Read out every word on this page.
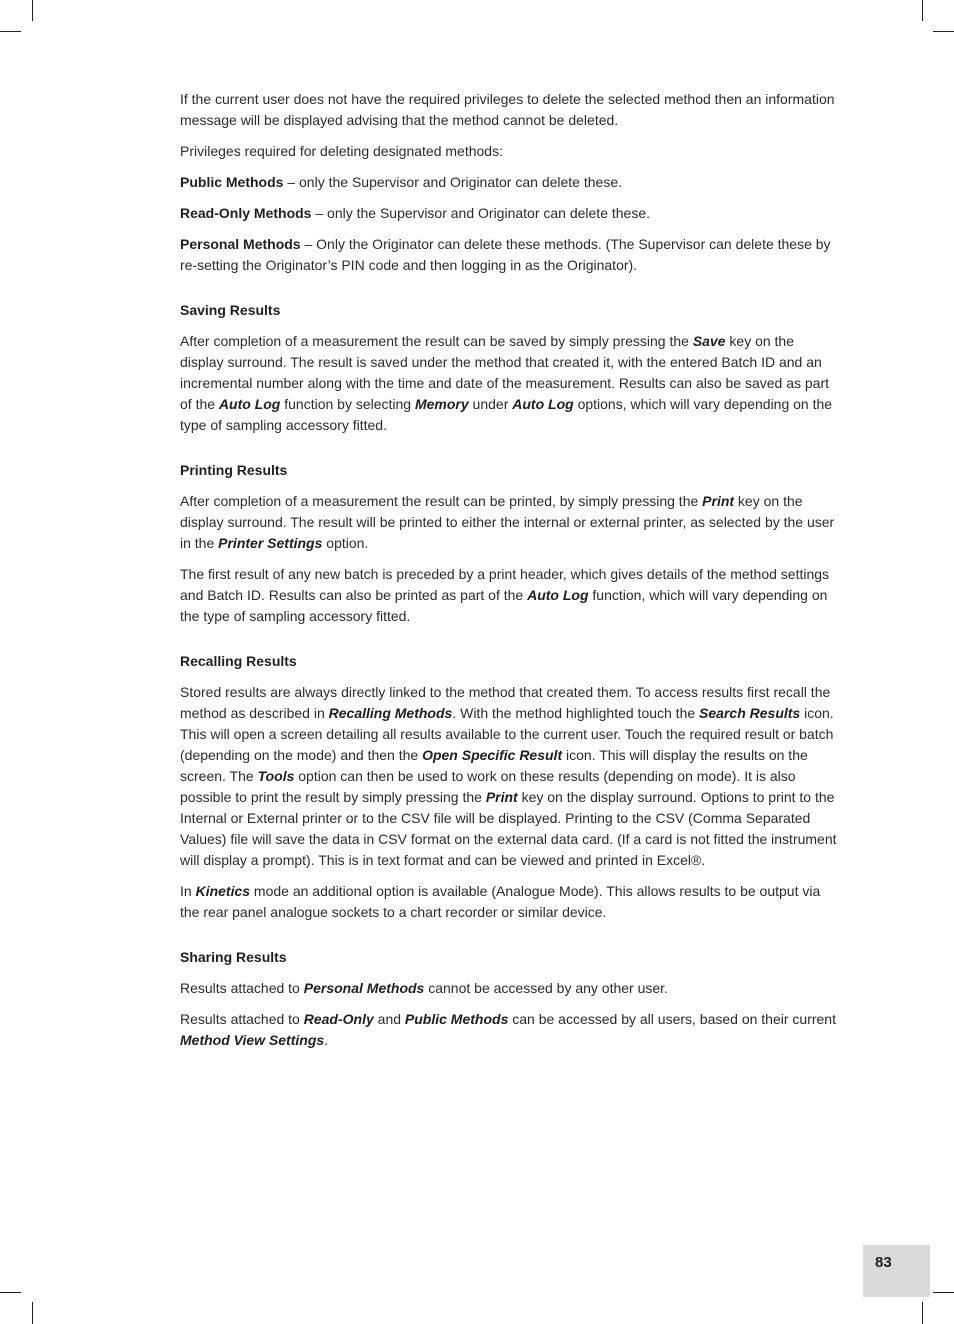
If the current user does not have the required privileges to delete the selected method then an information message will be displayed advising that the method cannot be deleted.

Privileges required for deleting designated methods:

Public Methods – only the Supervisor and Originator can delete these.

Read-Only Methods – only the Supervisor and Originator can delete these.

Personal Methods – Only the Originator can delete these methods. (The Supervisor can delete these by re-setting the Originator’s PIN code and then logging in as the Originator).

Saving Results

After completion of a measurement the result can be saved by simply pressing the Save key on the display surround. The result is saved under the method that created it, with the entered Batch ID and an incremental number along with the time and date of the measurement. Results can also be saved as part of the Auto Log function by selecting Memory under Auto Log options, which will vary depending on the type of sampling accessory fitted.

Printing Results

After completion of a measurement the result can be printed, by simply pressing the Print key on the display surround. The result will be printed to either the internal or external printer, as selected by the user in the Printer Settings option.

The first result of any new batch is preceded by a print header, which gives details of the method settings and Batch ID. Results can also be printed as part of the Auto Log function, which will vary depending on the type of sampling accessory fitted.

Recalling Results

Stored results are always directly linked to the method that created them. To access results first recall the method as described in Recalling Methods. With the method highlighted touch the Search Results icon. This will open a screen detailing all results available to the current user. Touch the required result or batch (depending on the mode) and then the Open Specific Result icon. This will display the results on the screen. The Tools option can then be used to work on these results (depending on mode). It is also possible to print the result by simply pressing the Print key on the display surround. Options to print to the Internal or External printer or to the CSV file will be displayed. Printing to the CSV (Comma Separated Values) file will save the data in CSV format on the external data card. (If a card is not fitted the instrument will display a prompt). This is in text format and can be viewed and printed in Excel®.

In Kinetics mode an additional option is available (Analogue Mode). This allows results to be output via the rear panel analogue sockets to a chart recorder or similar device.

Sharing Results

Results attached to Personal Methods cannot be accessed by any other user.

Results attached to Read-Only and Public Methods can be accessed by all users, based on their current Method View Settings.

83
